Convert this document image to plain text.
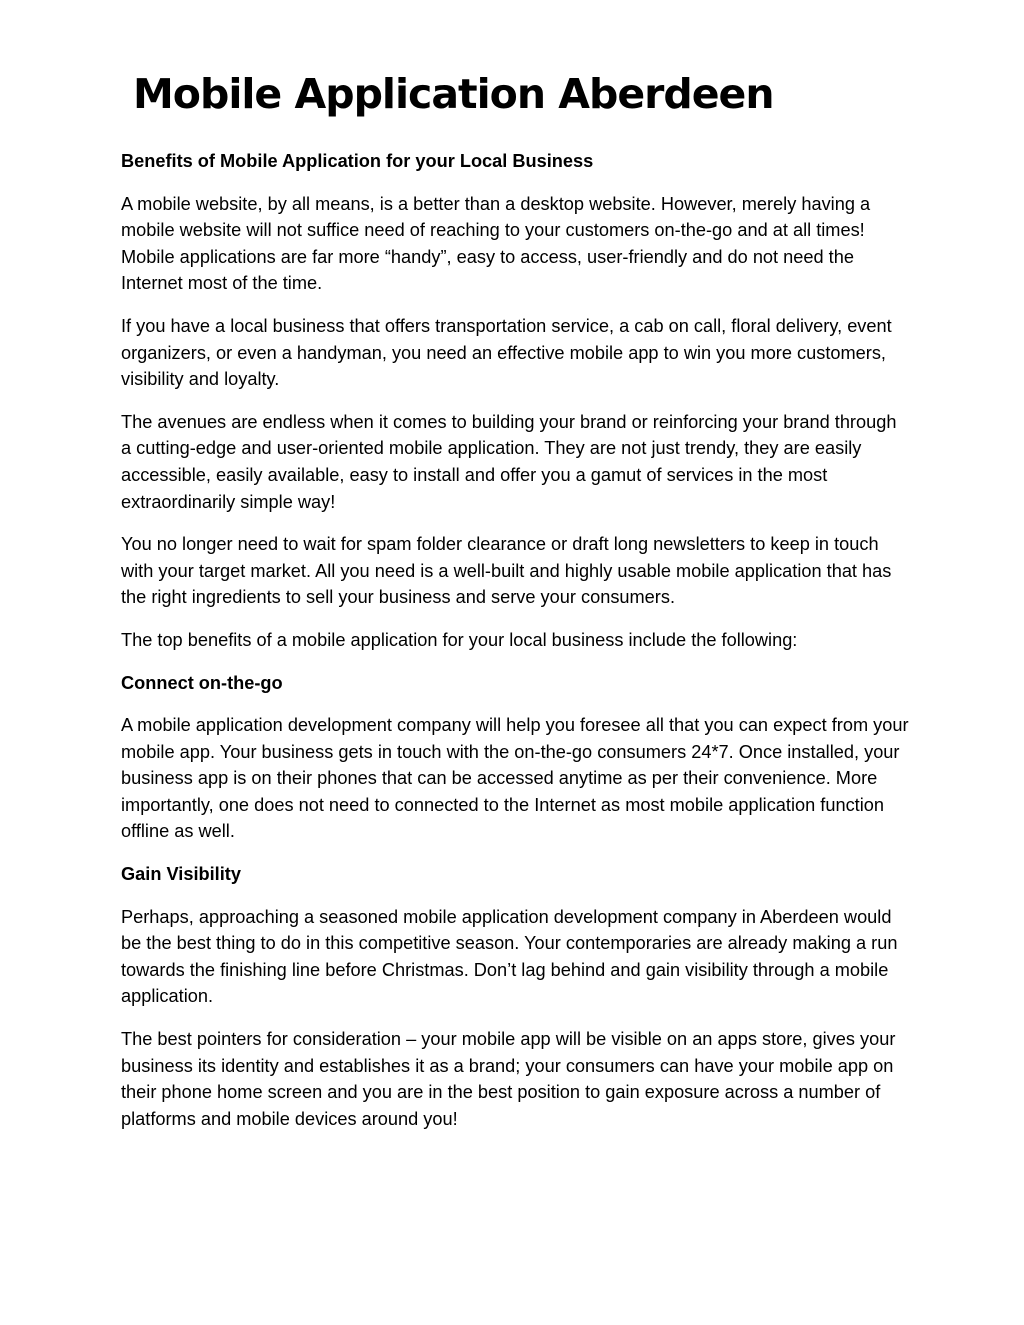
Mobile Application Aberdeen

Benefits of Mobile Application for your Local Business

A mobile website, by all means, is a better than a desktop website. However, merely having a mobile website will not suffice need of reaching to your customers on-the-go and at all times! Mobile applications are far more “handy”, easy to access, user-friendly and do not need the Internet most of the time.

If you have a local business that offers transportation service, a cab on call, floral delivery, event organizers, or even a handyman, you need an effective mobile app to win you more customers, visibility and loyalty.

The avenues are endless when it comes to building your brand or reinforcing your brand through a cutting-edge and user-oriented mobile application. They are not just trendy, they are easily accessible, easily available, easy to install and offer you a gamut of services in the most extraordinarily simple way!

You no longer need to wait for spam folder clearance or draft long newsletters to keep in touch with your target market. All you need is a well-built and highly usable mobile application that has the right ingredients to sell your business and serve your consumers.

The top benefits of a mobile application for your local business include the following:

Connect on-the-go

A mobile application development company will help you foresee all that you can expect from your mobile app. Your business gets in touch with the on-the-go consumers 24*7. Once installed, your business app is on their phones that can be accessed anytime as per their convenience. More importantly, one does not need to connected to the Internet as most mobile application function offline as well.

Gain Visibility

Perhaps, approaching a seasoned mobile application development company in Aberdeen would be the best thing to do in this competitive season. Your contemporaries are already making a run towards the finishing line before Christmas. Don’t lag behind and gain visibility through a mobile application.

The best pointers for consideration – your mobile app will be visible on an apps store, gives your business its identity and establishes it as a brand; your consumers can have your mobile app on their phone home screen and you are in the best position to gain exposure across a number of platforms and mobile devices around you!
